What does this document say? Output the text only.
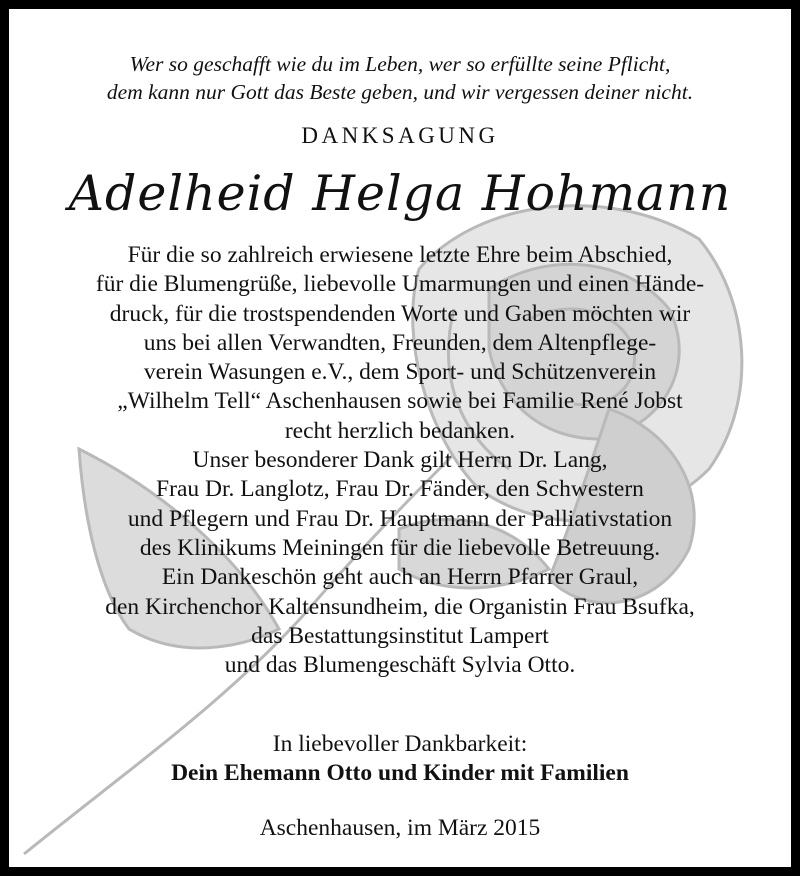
Wer so geschafft wie du im Leben, wer so erfüllte seine Pflicht,
dem kann nur Gott das Beste geben, und wir vergessen deiner nicht.
DANKSAGUNG
Adelheid Helga Hohmann
Für die so zahlreich erwiesene letzte Ehre beim Abschied,
für die Blumengrüße, liebevolle Umarmungen und einen Hände-
druck, für die trostspendenden Worte und Gaben möchten wir
uns bei allen Verwandten, Freunden, dem Altenpflege-
verein Wasungen e.V., dem Sport- und Schützenverein
„Wilhelm Tell“ Aschenhausen sowie bei Familie René Jobst
recht herzlich bedanken.
Unser besonderer Dank gilt Herrn Dr. Lang,
Frau Dr. Langlotz, Frau Dr. Fänder, den Schwestern
und Pflegern und Frau Dr. Hauptmann der Palliativstation
des Klinikums Meiningen für die liebevolle Betreuung.
Ein Dankeschön geht auch an Herrn Pfarrer Graul,
den Kirchenchor Kaltensundheim, die Organistin Frau Bsufka,
das Bestattungsinstitut Lampert
und das Blumengeschäft Sylvia Otto.
In liebevoller Dankbarkeit:
Dein Ehemann Otto und Kinder mit Familien
Aschenhausen, im März 2015
